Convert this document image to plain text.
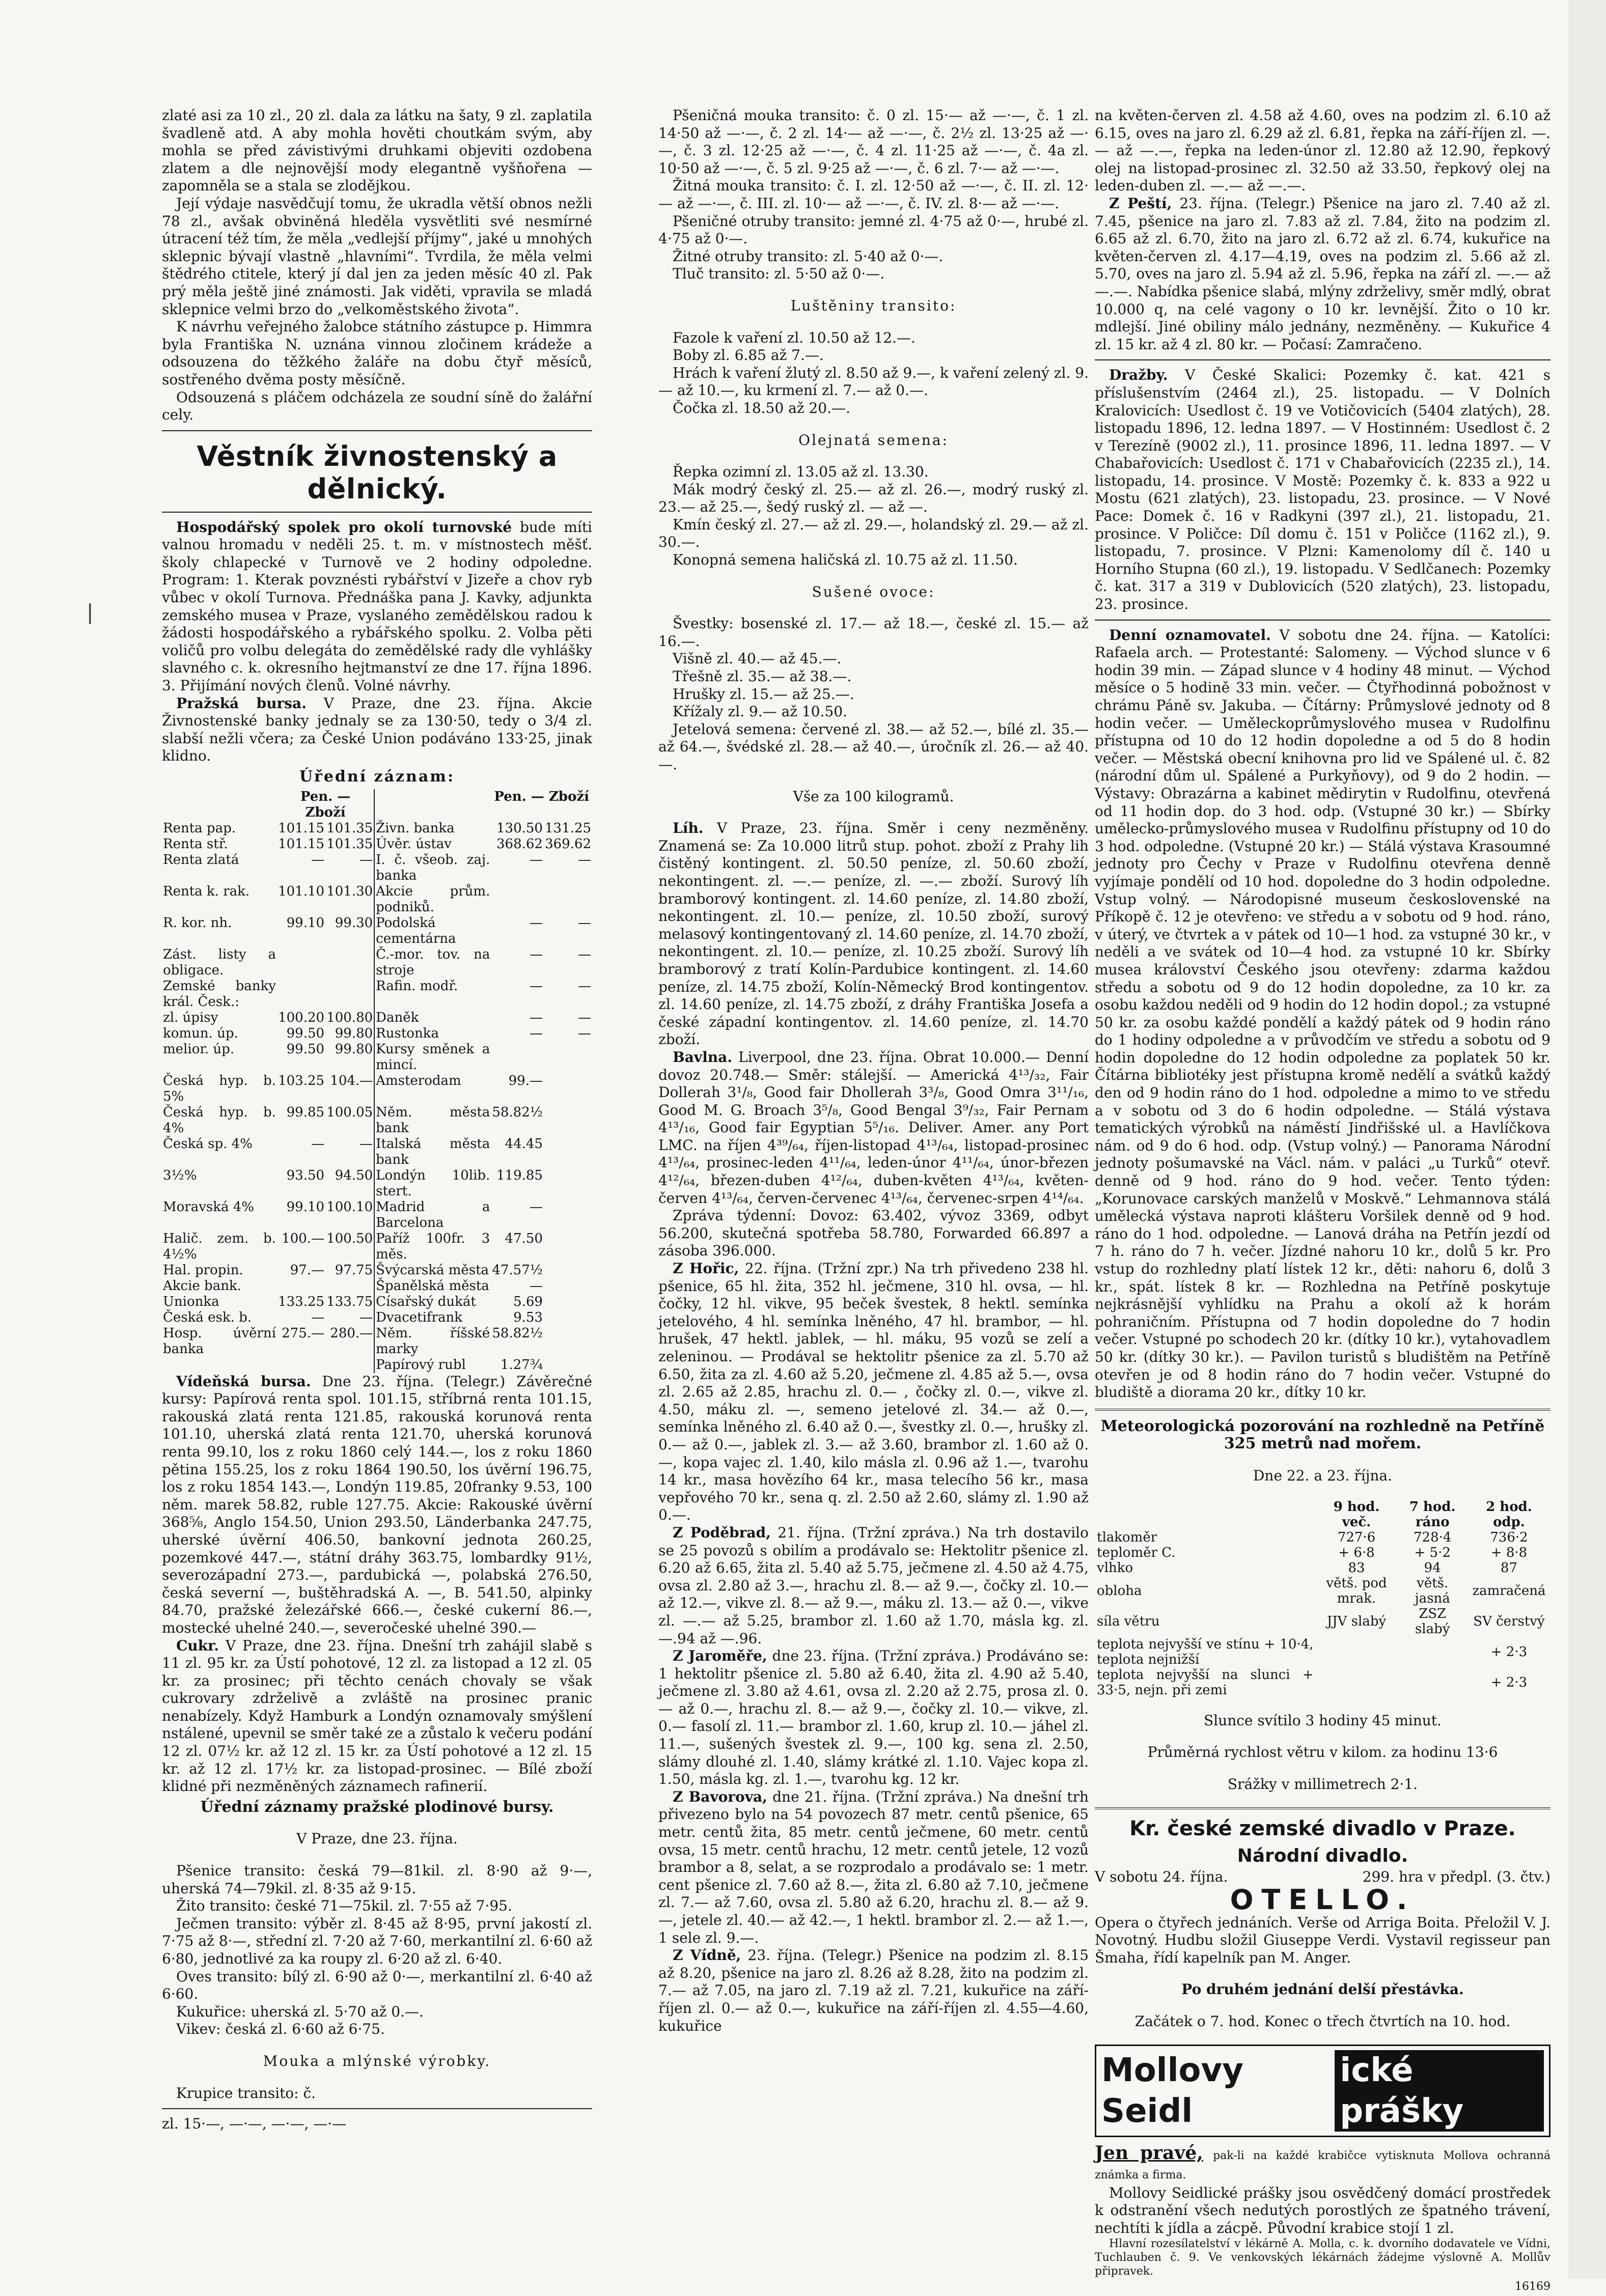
|

zlaté asi za 10 zl., 20 zl. dala za látku na šaty, 9 zl. zaplatila švadleně atd. A aby mohla hověti choutkám svým, aby mohla se před závistivými druhkami objeviti ozdobena zlatem a dle nejnovější mody elegantně vyšňořena — zapomněla se a stala se zlodějkou.

Její výdaje nasvědčují tomu, že ukradla větší obnos nežli 78 zl., avšak obviněná hleděla vysvětliti své nesmírné útracení též tím, že měla „vedlejší příjmy“, jaké u mnohých sklepnic bývají vlastně „hlavními“. Tvrdila, že měla velmi štědrého ctitele, který jí dal jen za jeden měsíc 40 zl. Pak prý měla ještě jiné známosti. Jak viděti, vpravila se mladá sklepnice velmi brzo do „velkoměstského života“.

K návrhu veřejného žalobce státního zástupce p. Himmra byla Františka N. uznána vinnou zločinem krádeže a odsouzena do těžkého žaláře na dobu čtyř měsíců, sostřeného dvěma posty měsíčně.

Odsouzená s pláčem odcházela ze soudní síně do žalářní cely.

Věstník živnostenský a dělnický.

Hospodářský spolek pro okolí turnovské bude míti valnou hromadu v neděli 25. t. m. v místnostech měšť. školy chlapecké v Turnově ve 2 hodiny odpoledne. Program: 1. Kterak povznésti rybářství v Jizeře a chov ryb vůbec v okolí Turnova. Přednáška pana J. Kavky, adjunkta zemského musea v Praze, vyslaného zemědělskou radou k žádosti hospodářského a rybářského spolku. 2. Volba pěti voličů pro volbu delegáta do zemědělské rady dle vyhlášky slavného c. k. okresního hejtmanství ze dne 17. října 1896. 3. Přijímání nových členů. Volné návrhy.

Pražská bursa. V Praze, dne 23. října. Akcie Živnostenské banky jednaly se za 130·50, tedy o 3/4 zl. slabší nežli včera; za České Union podáváno 133·25, jinak klidno.

Úřední záznam:

	Pen. — Zboží			Pen. — Zboží	
Renta pap.	101.15	101.35	Živn. banka	130.50	131.25
Renta stř.	101.15	101.35	Úvěr. ústav	368.62	369.62
Renta zlatá	—	—	I. č. všeob. zaj. banka	—	—
Renta k. rak.	101.10	101.30	Akcie prům. podniků.		
R. kor. nh.	99.10	99.30	Podolská cementárna	—	—
Zást. listy a obligace.			Č.-mor. tov. na stroje	—	—
Zemské banky král. Česk.:			Rafin. modř.	—	—
zl. úpisy	100.20	100.80	Daněk	—	—
komun. úp.	99.50	99.80	Rustonka	—	—
melior. úp.	99.50	99.80	Kursy směnek a mincí.		
Česká hyp. b. 5%	103.25	104.—	Amsterodam	99.—	
Česká hyp. b. 4%	99.85	100.05	Něm. města bank	58.82½	
Česká sp. 4%	—	—	Italská města bank	44.45	
3½%	93.50	94.50	Londýn 10lib. stert.	119.85	
Moravská 4%	99.10	100.10	Madrid a Barcelona	—	
Halič. zem. b. 4½%	100.—	100.50	Paříž 100fr. 3 měs.	47.50	
Hal. propin.	97.—	97.75	Švýcarská města	47.57½	
Akcie bank.			Španělská města	—	
Unionka	133.25	133.75	Císařský dukát	5.69	
Česká esk. b.	—	—	Dvacetifrank	9.53	
Hosp. úvěrní banka	275.—	280.—	Něm. říšské marky	58.82½	
			Papírový rubl	1.27¾	

Vídeňská bursa. Dne 23. října. (Telegr.) Závěrečné kursy: Papírová renta spol. 101.15, stříbrná renta 101.15, rakouská zlatá renta 121.85, rakouská korunová renta 101.10, uherská zlatá renta 121.70, uherská korunová renta 99.10, los z roku 1860 celý 144.—, los z roku 1860 pětina 155.25, los z roku 1864 190.50, los úvěrní 196.75, los z roku 1854 143.—, Londýn 119.85, 20franky 9.53, 100 něm. marek 58.82, ruble 127.75. Akcie: Rakouské úvěrní 368⅝, Anglo 154.50, Union 293.50, Länderbanka 247.75, uherské úvěrní 406.50, bankovní jednota 260.25, pozemkové 447.—, státní dráhy 363.75, lombardky 91½, severozápadní 273.—, pardubická —, polabská 276.50, česká severní —, buštěhradská A. —, B. 541.50, alpinky 84.70, pražské železářské 666.—, české cukerní 86.—, mostecké uhelné 240.—, severočeské uhelné 390.—

Cukr. V Praze, dne 23. října. Dnešní trh zahájil slabě s 11 zl. 95 kr. za Ústí pohotové, 12 zl. za listopad a 12 zl. 05 kr. za prosinec; při těchto cenách chovaly se však cukrovary zdrželivě a zvláště na prosinec pranic nenabízely. Když Hamburk a Londýn oznamovaly smýšlení nstálené, upevnil se směr také ze a zůstalo k večeru podání 12 zl. 07½ kr. až 12 zl. 15 kr. za Ústí pohotové a 12 zl. 15 kr. až 12 zl. 17½ kr. za listopad-prosinec. — Bílé zboží klidné při nezměněných záznamech rafinerií.

Úřední záznamy pražské plodinové bursy.

V Praze, dne 23. října.

Pšenice transito: česká 79—81kil. zl. 8·90 až 9·—, uherská 74—79kil. zl. 8·35 až 9·15.

Žito transito: české 71—75kil. zl. 7·55 až 7·95.

Ječmen transito: výběr zl. 8·45 až 8·95, první jakostí zl. 7·75 až 8·—, střední zl. 7·20 až 7·60, merkantilní zl. 6·60 až 6·80, jednotlivé za ka roupy zl. 6·20 až zl. 6·40.

Oves transito: bílý zl. 6·90 až 0·—, merkantilní zl. 6·40 až 6·60.

Kukuřice: uherská zl. 5·70 až 0.—.

Vikev: česká zl. 6·60 až 6·75.

Mouka a mlýnské výrobky.

Krupice transito: č.

zl. 15·—, —·—, —·—, —·—

Pšeničná mouka transito: č. 0 zl. 15·— až —·—, č. 1 zl. 14·50 až —·—, č. 2 zl. 14·— až —·—, č. 2½ zl. 13·25 až —·—, č. 3 zl. 12·25 až —·—, č. 4 zl. 11·25 až —·—, č. 4a zl. 10·50 až —·—, č. 5 zl. 9·25 až —·—, č. 6 zl. 7·— až —·—.

Žitná mouka transito: č. I. zl. 12·50 až —·—, č. II. zl. 12·— až —·—, č. III. zl. 10·— až —·—, č. IV. zl. 8·— až —·—.

Pšeničné otruby transito: jemné zl. 4·75 až 0·—, hrubé zl. 4·75 až 0·—.

Žitné otruby transito: zl. 5·40 až 0·—.

Tluč transito: zl. 5·50 až 0·—.

Luštěniny transito:

Fazole k vaření zl. 10.50 až 12.—.

Boby zl. 6.85 až 7.—.

Hrách k vaření žlutý zl. 8.50 až 9.—, k vaření zelený zl. 9.— až 10.—, ku krmení zl. 7.— až 0.—.

Čočka zl. 18.50 až 20.—.

Olejnatá semena:

Řepka ozimní zl. 13.05 až zl. 13.30.

Mák modrý český zl. 25.— až zl. 26.—, modrý ruský zl. 23.— až 25.—, šedý ruský zl. — až —.

Kmín český zl. 27.— až zl. 29.—, holandský zl. 29.— až zl. 30.—.

Konopná semena haličská zl. 10.75 až zl. 11.50.

Sušené ovoce:

Švestky: bosenské zl. 17.— až 18.—, české zl. 15.— až 16.—.

Višně zl. 40.— až 45.—.

Třešně zl. 35.— až 38.—.

Hrušky zl. 15.— až 25.—.

Křížaly zl. 9.— až 10.50.

Jetelová semena: červené zl. 38.— až 52.—, bílé zl. 35.— až 64.—, švédské zl. 28.— až 40.—, úročník zl. 26.— až 40.—.

Vše za 100 kilogramů.

Líh. V Praze, 23. října. Směr i ceny nezměněny. Znamená se: Za 10.000 litrů stup. pohot. zboží z Prahy lih čistěný kontingent. zl. 50.50 peníze, zl. 50.60 zboží, nekontingent. zl. —.— peníze, zl. —.— zboží. Surový líh bramborový kontingent. zl. 14.60 peníze, zl. 14.80 zboží, nekontingent. zl. 10.— peníze, zl. 10.50 zboží, surový melasový kontingentovaný zl. 14.60 peníze, zl. 14.70 zboží, nekontingent. zl. 10.— peníze, zl. 10.25 zboží. Surový líh bramborový z tratí Kolín-Pardubice kontingent. zl. 14.60 peníze, zl. 14.75 zboží, Kolín-Německý Brod kontingentov. zl. 14.60 peníze, zl. 14.75 zboží, z dráhy Františka Josefa a české západní kontingentov. zl. 14.60 peníze, zl. 14.70 zboží.

Bavlna. Liverpool, dne 23. října. Obrat 10.000.— Denní dovoz 20.748.— Směr: stálejší. — Americká 4¹³/₃₂, Fair Dollerah 3¹/₈, Good fair Dhollerah 3³/₈, Good Omra 3¹¹/₁₆, Good M. G. Broach 3⁵/₈, Good Bengal 3⁹/₃₂, Fair Pernam 4¹³/₁₆, Good fair Egyptian 5⁵/₁₆. Deliver. Amer. any Port LMC. na říjen 4³⁹/₆₄, říjen-listopad 4¹³/₆₄, listopad-prosinec 4¹³/₆₄, prosinec-leden 4¹¹/₆₄, leden-únor 4¹¹/₆₄, únor-březen 4¹²/₆₄, březen-duben 4¹²/₆₄, duben-květen 4¹³/₆₄, květen-červen 4¹³/₆₄, červen-červenec 4¹³/₆₄, červenec-srpen 4¹⁴/₆₄.

Zpráva týdenní: Dovoz: 63.402, vývoz 3369, odbyt 56.200, skutečná spotřeba 58.780, Forwarded 66.897 a zásoba 396.000.

Z Hořic, 22. října. (Tržní zpr.) Na trh přivedeno 238 hl. pšenice, 65 hl. žita, 352 hl. ječmene, 310 hl. ovsa, — hl. čočky, 12 hl. vikve, 95 beček švestek, 8 hektl. semínka jetelového, 4 hl. semínka lněného, 47 hl. brambor, — hl. hrušek, 47 hektl. jablek, — hl. máku, 95 vozů se zelí a zeleninou. — Prodával se hektolitr pšenice za zl. 5.70 až 6.50, žita za zl. 4.60 až 5.20, ječmene zl. 4.85 až 5.—, ovsa zl. 2.65 až 2.85, hrachu zl. 0.— , čočky zl. 0.—, vikve zl. 4.50, máku zl. —, semeno jetelové zl. 34.— až 0.—, semínka lněného zl. 6.40 až 0.—, švestky zl. 0.—, hrušky zl. 0.— až 0.—, jablek zl. 3.— až 3.60, brambor zl. 1.60 až 0.—, kopa vajec zl. 1.40, kilo másla zl. 0.96 až 1.—, tvarohu 14 kr., masa hovězího 64 kr., masa telecího 56 kr., masa vepřového 70 kr., sena q. zl. 2.50 až 2.60, slámy zl. 1.90 až 0.—.

Z Poděbrad, 21. října. (Tržní zpráva.) Na trh dostavilo se 25 povozů s obilím a prodávalo se: Hektolitr pšenice zl. 6.20 až 6.65, žita zl. 5.40 až 5.75, ječmene zl. 4.50 až 4.75, ovsa zl. 2.80 až 3.—, hrachu zl. 8.— až 9.—, čočky zl. 10.— až 12.—, vikve zl. 8.— až 9.—, máku zl. 13.— až 0.—, vikve zl. —.— až 5.25, brambor zl. 1.60 až 1.70, másla kg. zl. —.94 až —.96.

Z Jaroměře, dne 23. října. (Tržní zpráva.) Prodáváno se: 1 hektolitr pšenice zl. 5.80 až 6.40, žita zl. 4.90 až 5.40, ječmene zl. 3.80 až 4.61, ovsa zl. 2.20 až 2.75, prosa zl. 0.— až 0.—, hrachu zl. 8.— až 9.—, čočky zl. 10.— vikve, zl. 0.— fasolí zl. 11.— brambor zl. 1.60, krup zl. 10.— jáhel zl. 11.—, sušených švestek zl. 9.—, 100 kg. sena zl. 2.50, slámy dlouhé zl. 1.40, slámy krátké zl. 1.10. Vajec kopa zl. 1.50, másla kg. zl. 1.—, tvarohu kg. 12 kr.

Z Bavorova, dne 21. října. (Tržní zpráva.) Na dnešní trh přivezeno bylo na 54 povozech 87 metr. centů pšenice, 65 metr. centů žita, 85 metr. centů ječmene, 60 metr. centů ovsa, 15 metr. centů hrachu, 12 metr. centů jetele, 12 vozů brambor a 8, selat, a se rozprodalo a prodávalo se: 1 metr. cent pšenice zl. 7.60 až 8.—, žita zl. 6.80 až 7.10, ječmene zl. 7.— až 7.60, ovsa zl. 5.80 až 6.20, hrachu zl. 8.— až 9.—, jetele zl. 40.— až 42.—, 1 hektl. brambor zl. 2.— až 1.—, 1 sele zl. 9.—.

Z Vídně, 23. října. (Telegr.) Pšenice na podzim zl. 8.15 až 8.20, pšenice na jaro zl. 8.26 až 8.28, žito na podzim zl. 7.— až 7.05, na jaro zl. 7.19 až zl. 7.21, kukuřice na září-říjen zl. 0.— až 0.—, kukuřice na září-říjen zl. 4.55—4.60, kukuřice

na květen-červen zl. 4.58 až 4.60, oves na podzim zl. 6.10 až 6.15, oves na jaro zl. 6.29 až zl. 6.81, řepka na září-říjen zl. —.— až —.—, řepka na leden-únor zl. 12.80 až 12.90, řepkový olej na listopad-prosinec zl. 32.50 až 33.50, řepkový olej na leden-duben zl. —.— až —.—.

Z Peští, 23. října. (Telegr.) Pšenice na jaro zl. 7.40 až zl. 7.45, pšenice na jaro zl. 7.83 až zl. 7.84, žito na podzim zl. 6.65 až zl. 6.70, žito na jaro zl. 6.72 až zl. 6.74, kukuřice na květen-červen zl. 4.17—4.19, oves na podzim zl. 5.66 až zl. 5.70, oves na jaro zl. 5.94 až zl. 5.96, řepka na září zl. —.— až —.—. Nabídka pšenice slabá, mlýny zdrželivy, směr mdlý, obrat 10.000 q, na celé vagony o 10 kr. levnější. Žito o 10 kr. mdlejší. Jiné obiliny málo jednány, nezměněny. — Kukuřice 4 zl. 15 kr. až 4 zl. 80 kr. — Počasí: Zamračeno.

Dražby. V České Skalici: Pozemky č. kat. 421 s příslušenstvím (2464 zl.), 25. listopadu. — V Dolních Kralovicích: Usedlost č. 19 ve Votičovicích (5404 zlatých), 28. listopadu 1896, 12. ledna 1897. — V Hostinném: Usedlost č. 2 v Terezíně (9002 zl.), 11. prosince 1896, 11. ledna 1897. — V Chabařovicích: Usedlost č. 171 v Chabařovicích (2235 zl.), 14. listopadu, 14. prosince. V Mostě: Pozemky č. k. 833 a 922 u Mostu (621 zlatých), 23. listopadu, 23. prosince. — V Nové Pace: Domek č. 16 v Radkyni (397 zl.), 21. listopadu, 21. prosince. V Poličce: Díl domu č. 151 v Poličce (1162 zl.), 9. listopadu, 7. prosince. V Plzni: Kamenolomy díl č. 140 u Horního Stupna (60 zl.), 19. listopadu. V Sedlčanech: Pozemky č. kat. 317 a 319 v Dublovicích (520 zlatých), 23. listopadu, 23. prosince.

Denní oznamovatel. V sobotu dne 24. října. — Katolíci: Rafaela arch. — Protestanté: Salomeny. — Východ slunce v 6 hodin 39 min. — Západ slunce v 4 hodiny 48 minut. — Východ měsíce o 5 hodině 33 min. večer. — Čtyřhodinná pobožnost v chrámu Páně sv. Jakuba. — Čítárny: Průmyslové jednoty od 8 hodin večer. — Uměleckoprůmyslového musea v Rudolfinu přístupna od 10 do 12 hodin dopoledne a od 5 do 8 hodin večer. — Městská obecní knihovna pro lid ve Spálené ul. č. 82 (národní dům ul. Spálené a Purkyňovy), od 9 do 2 hodin. — Výstavy: Obrazárna a kabinet mědirytin v Rudolfinu, otevřená od 11 hodin dop. do 3 hod. odp. (Vstupné 30 kr.) — Sbírky umělecko-průmyslového musea v Rudolfinu přístupny od 10 do 3 hod. odpoledne. (Vstupné 20 kr.) — Stálá výstava Krasoumné jednoty pro Čechy v Praze v Rudolfinu otevřena denně vyjímaje pondělí od 10 hod. dopoledne do 3 hodin odpoledne. Vstup volný. — Národopisné museum československé na Příkopě č. 12 je otevřeno: ve středu a v sobotu od 9 hod. ráno, v úterý, ve čtvrtek a v pátek od 10—1 hod. za vstupné 30 kr., v neděli a ve svátek od 10—4 hod. za vstupné 10 kr. Sbírky musea království Českého jsou otevřeny: zdarma každou středu a sobotu od 9 do 12 hodin dopoledne, za 10 kr. za osobu každou neděli od 9 hodin do 12 hodin dopol.; za vstupné 50 kr. za osobu každé pondělí a každý pátek od 9 hodin ráno do 1 hodiny odpoledne a v průvodčím ve středu a sobotu od 9 hodin dopoledne do 12 hodin odpoledne za poplatek 50 kr. Čítárna bibliotéky jest přístupna kromě nedělí a svátků každý den od 9 hodin ráno do 1 hod. odpoledne a mimo to ve středu a v sobotu od 3 do 6 hodin odpoledne. — Stálá výstava tematických výrobků na náměstí Jindřišské ul. a Havlíčkova nám. od 9 do 6 hod. odp. (Vstup volný.) — Panorama Národní jednoty pošumavské na Václ. nám. v paláci „u Turků“ otevř. denně od 9 hod. ráno do 9 hod. večer. Tento týden: „Korunovace carských manželů v Moskvě.“ Lehmannova stálá umělecká výstava naproti klášteru Voršilek denně od 9 hod. ráno do 1 hod. odpoledne. — Lanová dráha na Petřín jezdí od 7 h. ráno do 7 h. večer. Jízdné nahoru 10 kr., dolů 5 kr. Pro vstup do rozhledny platí lístek 12 kr., děti: nahoru 6, dolů 3 kr., spát. lístek 8 kr. — Rozhledna na Petříně poskytuje nejkrásnější vyhlídku na Prahu a okolí až k horám pohraničním. Přístupna od 7 hodin dopoledne do 7 hodin večer. Vstupné po schodech 20 kr. (dítky 10 kr.), vytahovadlem 50 kr. (dítky 30 kr.). — Pavilon turistů s bludištěm na Petříně otevřen je od 8 hodin ráno do 7 hodin večer. Vstupné do bludiště a diorama 20 kr., dítky 10 kr.

Meteorologická pozorování na rozhledně na Petříně 325 metrů nad mořem.

Dne 22. a 23. října.

	9 hod. več.	7 hod. ráno	2 hod. odp.
tlakoměr	727·6	728·4	736·2
teploměr C.	+ 6·8	+ 5·2	+ 8·8
vlhko	83	94	87
obloha	větš. pod mrak.	větš. jasná	zamračená
síla větru	JJV slabý	ZSZ slabý	SV čerstvý
teplota nejvyšší ve stínu + 10·4, teplota nejnižší			+ 2·3
teplota nejvyšší na slunci + 33·5, nejn. při zemi			+ 2·3

Slunce svítilo 3 hodiny 45 minut.

Průměrná rychlost větru v kilom. za hodinu 13·6

Srážky v millimetrech 2·1.

Kr. české zemské divadlo v Praze.
Národní divadlo.
V sobotu 24. října.	299. hra v předpl. (3. čtv.)
OTELLO.

Opera o čtyřech jednáních. Verše od Arriga Boita. Přeložil V. J. Novotný. Hudbu složil Giuseppe Verdi. Vystavil regisseur pan Šmaha, řídí kapelník pan M. Anger.

Po druhém jednání delší přestávka.

Začátek o 7. hod. Konec o třech čtvrtích na 10. hod.

Mollovy Seidl
ické prášky

Jen pravé, pak-li na každé krabičce vytisknuta Mollova ochranná známka a firma.

Mollovy Seidlické prášky jsou osvědčený domácí prostředek k odstranění všech nedutých porostlých ze špatného trávení, nechtíti k jídla a zácpě. Původní krabice stojí 1 zl.

Hlavní rozesílatelství v lékárně A. Molla, c. k. dvorního dodavatele ve Vídni, Tuchlauben č. 9. Ve venkovských lékárnách žádejme výslovně A. Mollův připravek.

16169
